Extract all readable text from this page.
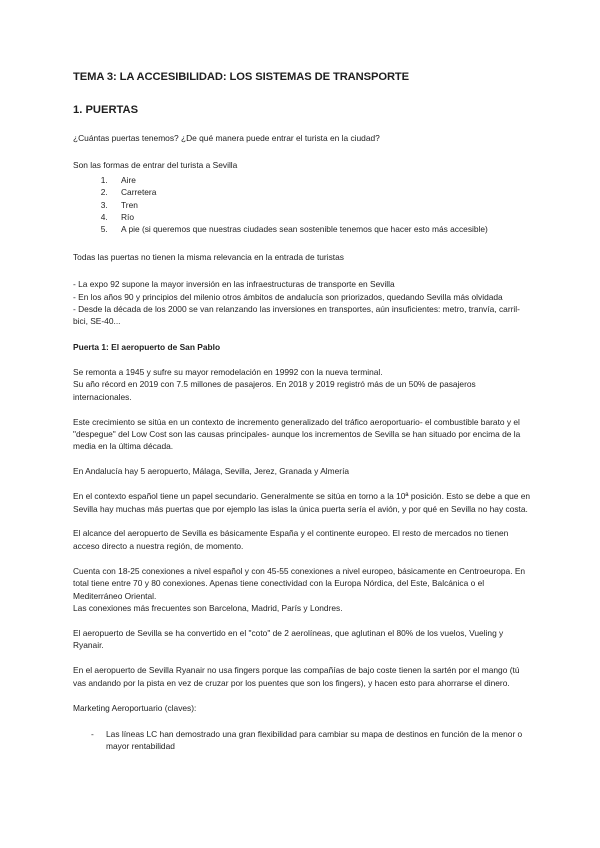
TEMA 3: LA ACCESIBILIDAD: LOS SISTEMAS DE TRANSPORTE
1. PUERTAS

¿Cuántas puertas tenemos? ¿De qué manera puede entrar el turista en la ciudad?

Son las formas de entrar del turista a Sevilla

1. Aire
2. Carretera
3. Tren
4. Río
5. A pie (si queremos que nuestras ciudades sean sostenible tenemos que hacer esto más accesible)

Todas las puertas no tienen la misma relevancia en la entrada de turistas

- La expo 92 supone la mayor inversión en las infraestructuras de transporte en Sevilla

- En los años 90 y principios del milenio otros ámbitos de andalucía son priorizados, quedando Sevilla más olvidada

- Desde la década de los 2000 se van relanzando las inversiones en transportes, aún insuficientes: metro, tranvía, carril-bici, SE-40...

Puerta 1: El aeropuerto de San Pablo

Se remonta a 1945 y sufre su mayor remodelación en 19992 con la nueva terminal.

Su año récord en 2019 con 7.5 millones de pasajeros. En 2018 y 2019 registró más de un 50% de pasajeros internacionales.

Este crecimiento se sitúa en un contexto de incremento generalizado del tráfico aeroportuario- el combustible barato y el "despegue" del Low Cost son las causas principales- aunque los incrementos de Sevilla se han situado por encima de la media en la última década.

En Andalucía hay 5 aeropuerto, Málaga, Sevilla, Jerez, Granada y Almería

En el contexto español tiene un papel secundario. Generalmente se sitúa en torno a la 10ª posición. Esto se debe a que en Sevilla hay muchas más puertas que por ejemplo las islas la única puerta sería el avión, y por qué en Sevilla no hay costa.

El alcance del aeropuerto de Sevilla es básicamente España y el continente europeo. El resto de mercados no tienen acceso directo a nuestra región, de momento.

Cuenta con 18-25 conexiones a nivel español y con 45-55 conexiones a nivel europeo, básicamente en Centroeuropa. En total tiene entre 70 y 80 conexiones. Apenas tiene conectividad con la Europa Nórdica, del Este, Balcánica o el Mediterráneo Oriental.

Las conexiones más frecuentes son Barcelona, Madrid, París y Londres.

El aeropuerto de Sevilla se ha convertido en el "coto" de 2 aerolíneas, que aglutinan el 80% de los vuelos, Vueling y Ryanair.

En el aeropuerto de Sevilla Ryanair no usa fingers porque las compañías de bajo coste tienen la sartén por el mango (tú vas andando por la pista en vez de cruzar por los puentes que son los fingers), y hacen esto para ahorrarse el dinero.

Marketing Aeroportuario (claves):

- Las líneas LC han demostrado una gran flexibilidad para cambiar su mapa de destinos en función de la menor o mayor rentabilidad
